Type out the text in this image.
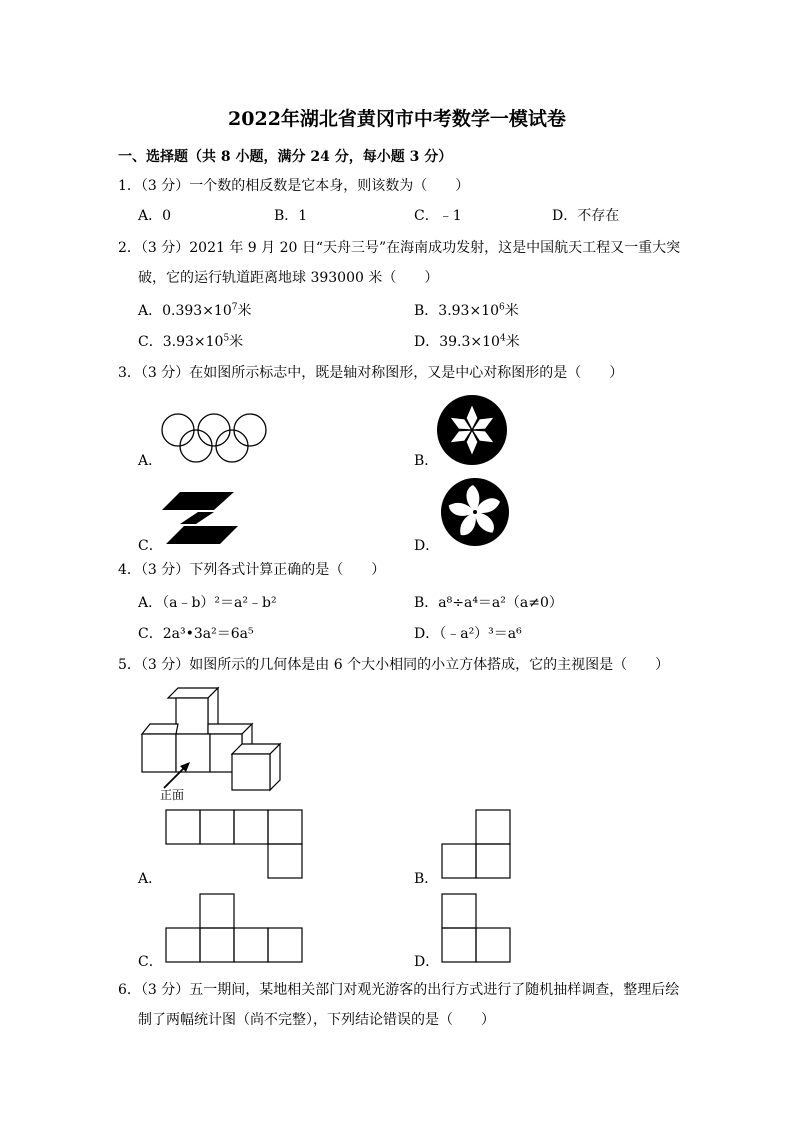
2022年湖北省黄冈市中考数学一模试卷
一、选择题（共 8 小题，满分 24 分，每小题 3 分）
1．（3 分）一个数的相反数是它本身，则该数为（　　）
A．0	B．1	C．﹣1	D．不存在
2．（3 分）2021 年 9 月 20 日“天舟三号”在海南成功发射，这是中国航天工程又一重大突
破，它的运行轨道距离地球 393000 米（　　）
A．$0.393\times 10^7$米	B．$3.93\times 10^6$米
C．$3.93\times 10^5$米	D．$39.3\times 10^4$米
3．（3 分）在如图所示标志中，既是轴对称图形，又是中心对称图形的是（　　）
A．	B．
C．	D．
4．（3 分）下列各式计算正确的是（　　）
A．（a﹣b）²＝a²﹣b²	B．a⁸÷a⁴＝a²（a≠0）
C．2a³•3a²＝6a⁵	D．（﹣a²）³＝a⁶
5．（3 分）如图所示的几何体是由 6 个大小相同的小立方体搭成，它的主视图是（　　）
正面
A．	B．
C．	D．
6．（3 分）五一期间，某地相关部门对观光游客的出行方式进行了随机抽样调查，整理后绘
制了两幅统计图（尚不完整），下列结论错误的是（　　）
